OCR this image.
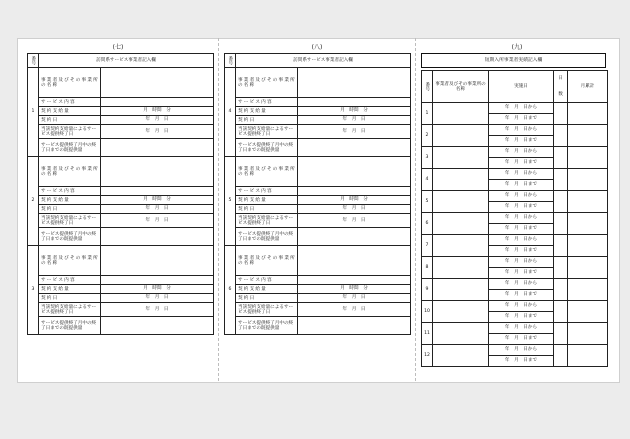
(七)	(八)	(九)
番号	訪問系サービス事業者記入欄	
1	事業者及びその事業所の名称	
	サービス内容	
	契約支給量	月　時間　分
	契約日	年　月　日
	当該契約支給量によるサービス提供終了日	年　月　日
	サービス提供終了月中の終了日までの既提供量	
2	事業者及びその事業所の名称	
	サービス内容	
	契約支給量	月　時間　分
	契約日	年　月　日
	当該契約支給量によるサービス提供終了日	年　月　日
	サービス提供終了月中の終了日までの既提供量	
3	事業者及びその事業所の名称	
	サービス内容	
	契約支給量	月　時間　分
	契約日	年　月　日
	当該契約支給量によるサービス提供終了日	年　月　日
	サービス提供終了月中の終了日までの既提供量	
番号	訪問系サービス事業者記入欄	
4	事業者及びその事業所の名称	
	サービス内容	
	契約支給量	月　時間　分
	契約日	年　月　日
	当該契約支給量によるサービス提供終了日	年　月　日
	サービス提供終了月中の終了日までの既提供量	
5	事業者及びその事業所の名称	
	サービス内容	
	契約支給量	月　時間　分
	契約日	年　月　日
	当該契約支給量によるサービス提供終了日	年　月　日
	サービス提供終了月中の終了日までの既提供量	
6	事業者及びその事業所の名称	
	サービス内容	
	契約支給量	月　時間　分
	契約日	年　月　日
	当該契約支給量によるサービス提供終了日	年　月　日
	サービス提供終了月中の終了日までの既提供量	
短期入所事業者実績記入欄
番号	事業者及びその事業所の名称	実施日	日
数	月累計
1		年　月　日から		
		年　月　日まで		
2		年　月　日から		
		年　月　日まで		
3		年　月　日から		
		年　月　日まで		
4		年　月　日から		
		年　月　日まで		
5		年　月　日から		
		年　月　日まで		
6		年　月　日から		
		年　月　日まで		
7		年　月　日から		
		年　月　日まで		
8		年　月　日から		
		年　月　日まで		
9		年　月　日から		
		年　月　日まで		
10		年　月　日から		
		年　月　日まで		
11		年　月　日から		
		年　月　日まで		
12		年　月　日から		
		年　月　日まで		
